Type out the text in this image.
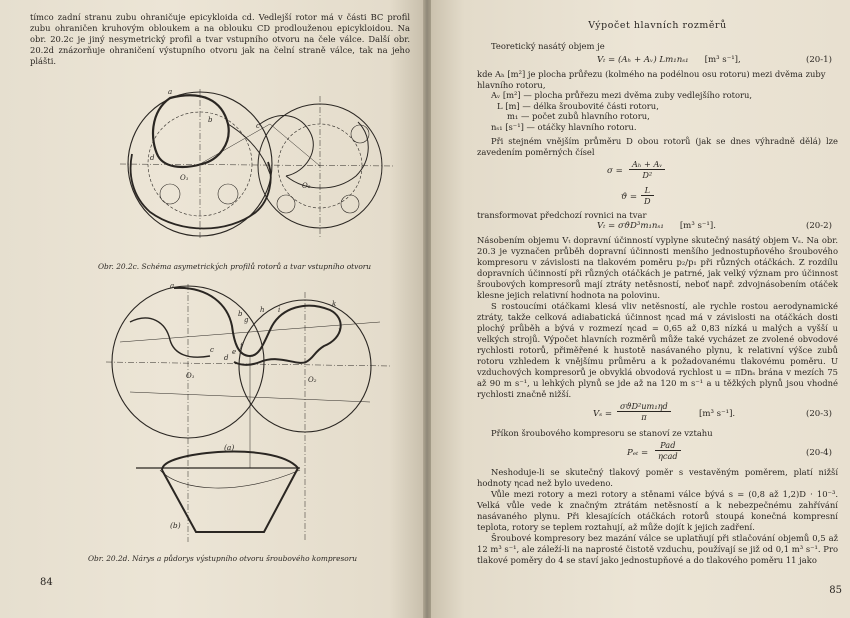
tímco zadní stranu zubu ohraničuje epicykloida cd. Vedlejší rotor má v části BC profil zubu ohraničen kruhovým obloukem a na oblouku CD prodlouženou epicykloidou. Na obr. 20.2c je jiný nesymetrický profil a tvar vstupního otvoru na čele válce. Další obr. 20.2d znázorňuje ohraničení výstupního otvoru jak na čelní straně válce, tak na jeho plášti.

a
b
c
d
O₁
O₂
Obr. 20.2c. Schéma asymetrických profilů rotorů a tvar vstupního otvoru
a
b
c
d
e
f
g
h i
k
l
O₁	O₂
(a)
(b)
Obr. 20.2d. Nárys a půdorys výstupního otvoru šroubového kompresoru
84
Výpočet hlavních rozměrů

Teoretický nasátý objem je

Vₜ = (Aₕ + Aᵥ) Lm₁nₛ₁ [m³ s⁻¹],	(20-1)
kde Aₕ [m²] je plocha průřezu (kolmého na podélnou osu rotoru) mezi dvěma zuby hlavního rotoru,
Aᵥ [m²] — plocha průřezu mezi dvěma zuby vedlejšího rotoru,
L [m] — délka šroubovité části rotoru,
m₁ — počet zubů hlavního rotoru,
nₛ₁ [s⁻¹] — otáčky hlavního rotoru.

Při stejném vnějším průměru D obou rotorů (jak se dnes výhradně dělá) lze zavedením poměrných čísel

$\sigma = \frac{\text{Aₕ + Aᵥ}}{\text{D²}}$
$ϑ = \frac{L}{D}$

transformovat předchozí rovnici na tvar

Vₜ = σϑD³m₁nₛ₁ [m³ s⁻¹].	(20-2)

Násobením objemu Vₜ dopravní účinností vyplyne skutečný nasátý objem Vₛ. Na obr. 20.3 je vyznačen průběh dopravní účinnosti menšího jednostupňového šroubového kompresoru v závislosti na tlakovém poměru p₂/p₁ při různých otáčkách. Z rozdílu dopravních účinností při různých otáčkách je patrné, jak velký význam pro účinnost šroubových kompresorů mají ztráty netěsností, neboť např. zdvojnásobením otáček klesne jejich relativní hodnota na polovinu.

S rostoucími otáčkami klesá vliv netěsností, ale rychle rostou aerodynamické ztráty, takže celková adiabatická účinnost ηcad má v závislosti na otáčkách dosti plochý průběh a bývá v rozmezí ηcad = 0,65 až 0,83 nízká u malých a vyšší u velkých strojů. Výpočet hlavních rozměrů může také vycházet ze zvolené obvodové rychlosti rotorů, přiměřené k hustotě nasávaného plynu, k relativní výšce zubů rotoru vzhledem k vnějšímu průměru a k požadovanému tlakovému poměru. U vzduchových kompresorů je obvyklá obvodová rychlost u = πDnₛ brána v mezích 75 až 90 m s⁻¹, u lehkých plynů se jde až na 120 m s⁻¹ a u těžkých plynů jsou vhodné rychlosti značně nižší.

Vₛ =
σϑD²um₁ηd
π	[m³ s⁻¹].	(20-3)

Příkon šroubového kompresoru se stanoví ze vztahu

Pₑₜ =
Pad
ηcad	(20-4)

Neshoduje-li se skutečný tlakový poměr s vestavěným poměrem, platí nižší hodnoty ηcad než bylo uvedeno.

Vůle mezi rotory a mezi rotory a stěnami válce bývá s = (0,8 až 1,2)D · 10⁻³. Velká vůle vede k značným ztrátám netěsností a k nebezpečnému zahřívání nasávaného plynu. Při klesajících otáčkách rotorů stoupá konečná kompresní teplota, rotory se teplem roztahují, až může dojít k jejich zadření.

Šroubové kompresory bez mazání válce se uplatňují při stlačování objemů 0,5 až 12 m³ s⁻¹, ale záleží-li na naprosté čistotě vzduchu, používají se již od 0,1 m³ s⁻¹. Pro tlakové poměry do 4 se staví jako jednostupňové a do tlakového poměru 11 jako

85
